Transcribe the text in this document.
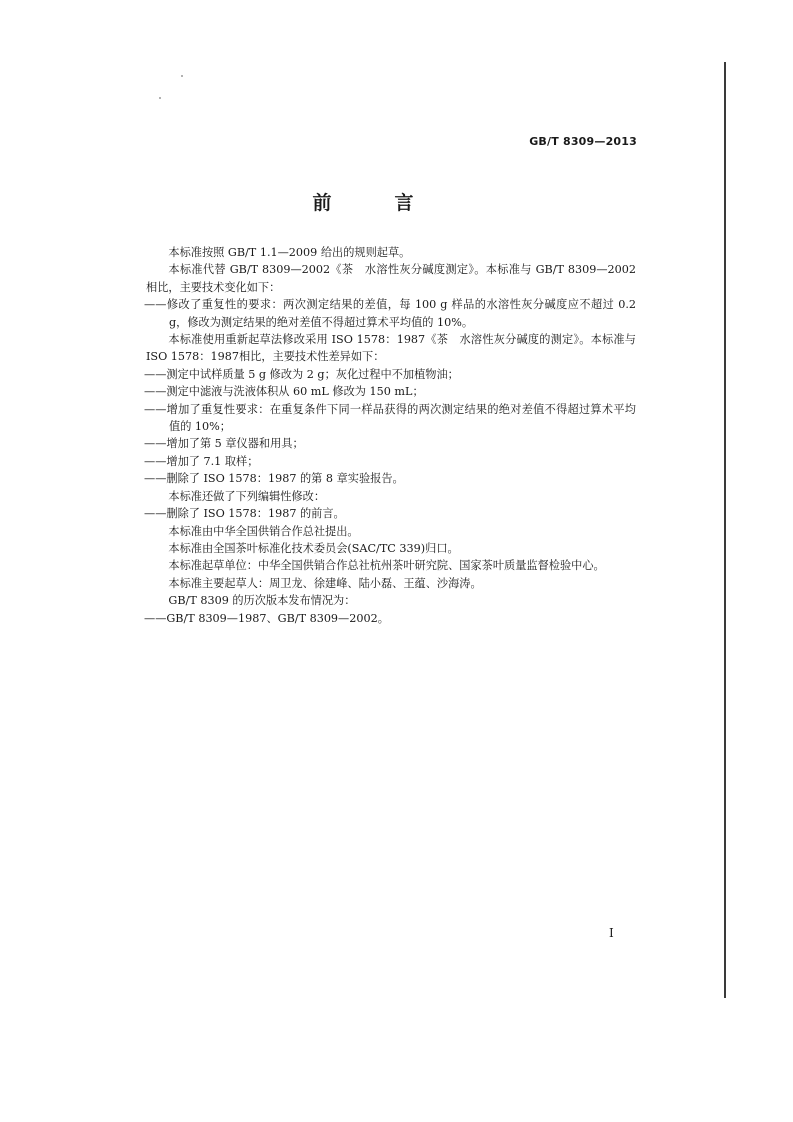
GB/T 8309—2013
前　言

本标准按照 GB/T 1.1—2009 给出的规则起草。

本标准代替 GB/T 8309—2002《茶　水溶性灰分碱度测定》。本标准与 GB/T 8309—2002 相比，主要技术变化如下：

——修改了重复性的要求：两次测定结果的差值，每 100 g 样品的水溶性灰分碱度应不超过 0.2 g，修改为测定结果的绝对差值不得超过算术平均值的 10%。

本标准使用重新起草法修改采用 ISO 1578：1987《茶　水溶性灰分碱度的测定》。本标准与 ISO 1578：1987相比，主要技术性差异如下：

——测定中试样质量 5 g 修改为 2 g；灰化过程中不加植物油；

——测定中滤液与洗液体积从 60 mL 修改为 150 mL；

——增加了重复性要求：在重复条件下同一样品获得的两次测定结果的绝对差值不得超过算术平均值的 10%；

——增加了第 5 章仪器和用具；

——增加了 7.1 取样；

——删除了 ISO 1578：1987 的第 8 章实验报告。

本标准还做了下列编辑性修改：

——删除了 ISO 1578：1987 的前言。

本标准由中华全国供销合作总社提出。

本标准由全国茶叶标准化技术委员会(SAC/TC 339)归口。

本标准起草单位：中华全国供销合作总社杭州茶叶研究院、国家茶叶质量监督检验中心。

本标准主要起草人：周卫龙、徐建峰、陆小磊、王蕴、沙海涛。

GB/T 8309 的历次版本发布情况为：

——GB/T 8309—1987、GB/T 8309—2002。

I
